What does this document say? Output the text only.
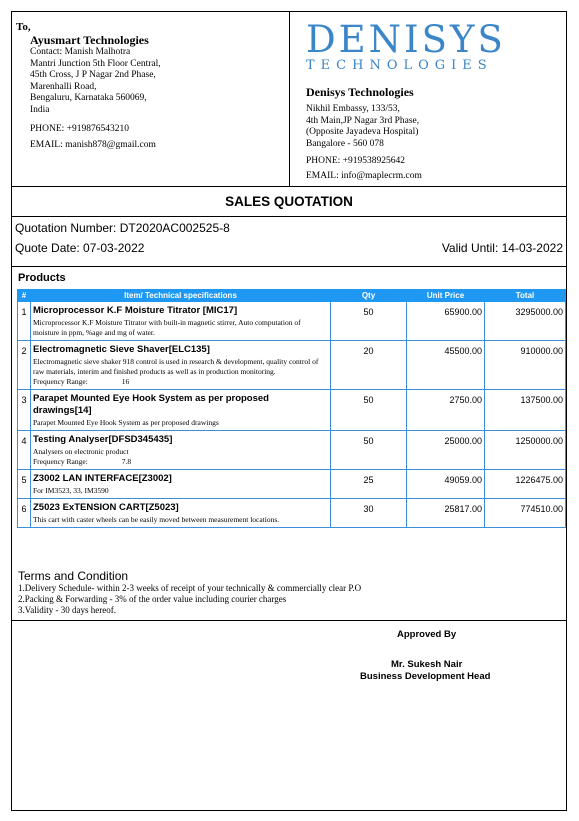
To,
Ayusmart Technologies
Contact: Manish Malhotra
Mantri Junction 5th Floor Central,
45th Cross, J P Nagar 2nd Phase,
Marenhalli Road,
Bengaluru, Karnataka 560069,
India
PHONE: +919876543210
EMAIL: manish878@gmail.com
DENISYS
TECHNOLOGIES
Denisys Technologies
Nikhil Embassy, 133/53,
4th Main,JP Nagar 3rd Phase,
(Opposite Jayadeva Hospital)
Bangalore - 560 078
PHONE: +919538925642
EMAIL: info@maplecrm.com
SALES QUOTATION
Quotation Number: DT2020AC002525-8
Quote Date: 07-03-2022	Valid Until: 14-03-2022
Products
#	Item/ Technical specifications	Qty	Unit Price	Total
1	Microprocessor K.F Moisture Titrator [MIC17]
Microprocessor K.F Moisture Titrator with built-in magnetic stirrer, Auto computation of moisture in ppm, %age and mg of water.	50	65900.00	3295000.00
2	Electromagnetic Sieve Shaver[ELC135]
Electromagnetic sieve shaker 918 control is used in research & development, quality control of raw materials, interim and finished products as well as in production monitoring.
Frequency Range: 16	20	45500.00	910000.00
3	Parapet Mounted Eye Hook System as per proposed drawings[14]
Parapet Mounted Eye Hook System as per proposed drawings	50	2750.00	137500.00
4	Testing Analyser[DFSD345435]
Analysers on electronic product
Frequency Range: 7.8	50	25000.00	1250000.00
5	Z3002 LAN INTERFACE[Z3002]
For IM3523, 33, IM3590	25	49059.00	1226475.00
6	Z5023 ExTENSION CART[Z5023]
This cart with caster wheels can be easily moved between measurement locations.	30	25817.00	774510.00
Terms and Condition
1.Delivery Schedule- within 2-3 weeks of receipt of your technically & commercially clear P.O
2.Packing & Forwarding - 3% of the order value including courier charges
3.Validity - 30 days hereof.
Approved By
Mr. Sukesh Nair
Business Development Head
